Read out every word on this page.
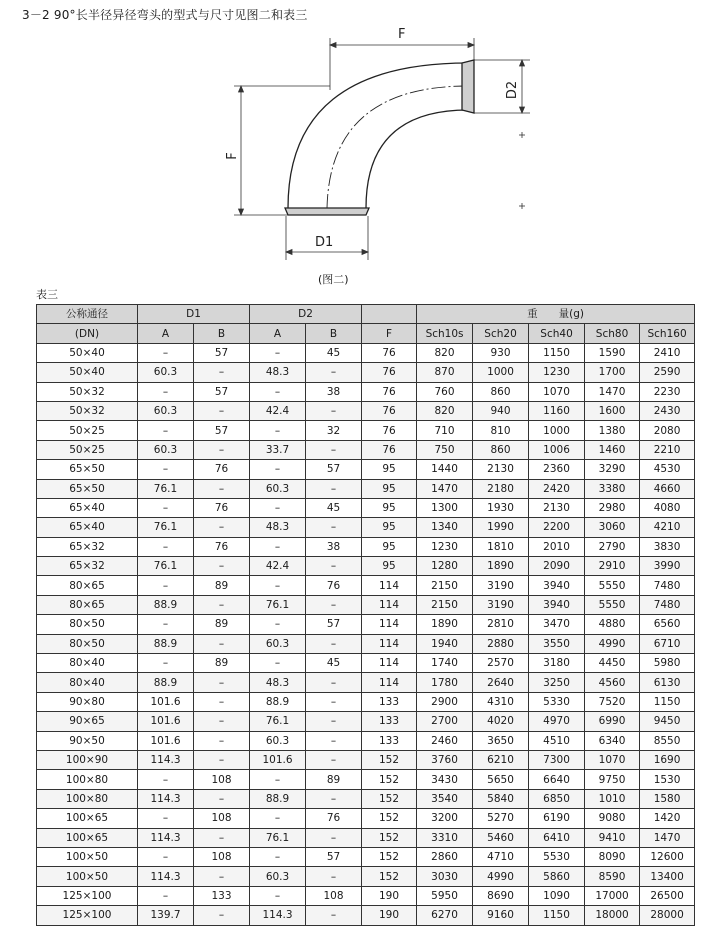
3－2 90°长半径异径弯头的型式与尺寸见图二和表三
F
F
D1
D2
(图二)
表三
公称通径	D1		D2			重　　量(g)				
(DN)	A	B	A	B	F	Sch10s	Sch20	Sch40	Sch80	Sch160
50×40	–	57	–	45	76	820	930	1150	1590	2410
50×40	60.3	–	48.3	–	76	870	1000	1230	1700	2590
50×32	–	57	–	38	76	760	860	1070	1470	2230
50×32	60.3	–	42.4	–	76	820	940	1160	1600	2430
50×25	–	57	–	32	76	710	810	1000	1380	2080
50×25	60.3	–	33.7	–	76	750	860	1006	1460	2210
65×50	–	76	–	57	95	1440	2130	2360	3290	4530
65×50	76.1	–	60.3	–	95	1470	2180	2420	3380	4660
65×40	–	76	–	45	95	1300	1930	2130	2980	4080
65×40	76.1	–	48.3	–	95	1340	1990	2200	3060	4210
65×32	–	76	–	38	95	1230	1810	2010	2790	3830
65×32	76.1	–	42.4	–	95	1280	1890	2090	2910	3990
80×65	–	89	–	76	114	2150	3190	3940	5550	7480
80×65	88.9	–	76.1	–	114	2150	3190	3940	5550	7480
80×50	–	89	–	57	114	1890	2810	3470	4880	6560
80×50	88.9	–	60.3	–	114	1940	2880	3550	4990	6710
80×40	–	89	–	45	114	1740	2570	3180	4450	5980
80×40	88.9	–	48.3	–	114	1780	2640	3250	4560	6130
90×80	101.6	–	88.9	–	133	2900	4310	5330	7520	1150
90×65	101.6	–	76.1	–	133	2700	4020	4970	6990	9450
90×50	101.6	–	60.3	–	133	2460	3650	4510	6340	8550
100×90	114.3	–	101.6	–	152	3760	6210	7300	1070	1690
100×80	–	108	–	89	152	3430	5650	6640	9750	1530
100×80	114.3	–	88.9	–	152	3540	5840	6850	1010	1580
100×65	–	108	–	76	152	3200	5270	6190	9080	1420
100×65	114.3	–	76.1	–	152	3310	5460	6410	9410	1470
100×50	–	108	–	57	152	2860	4710	5530	8090	12600
100×50	114.3	–	60.3	–	152	3030	4990	5860	8590	13400
125×100	–	133	–	108	190	5950	8690	1090	17000	26500
125×100	139.7	–	114.3	–	190	6270	9160	1150	18000	28000
